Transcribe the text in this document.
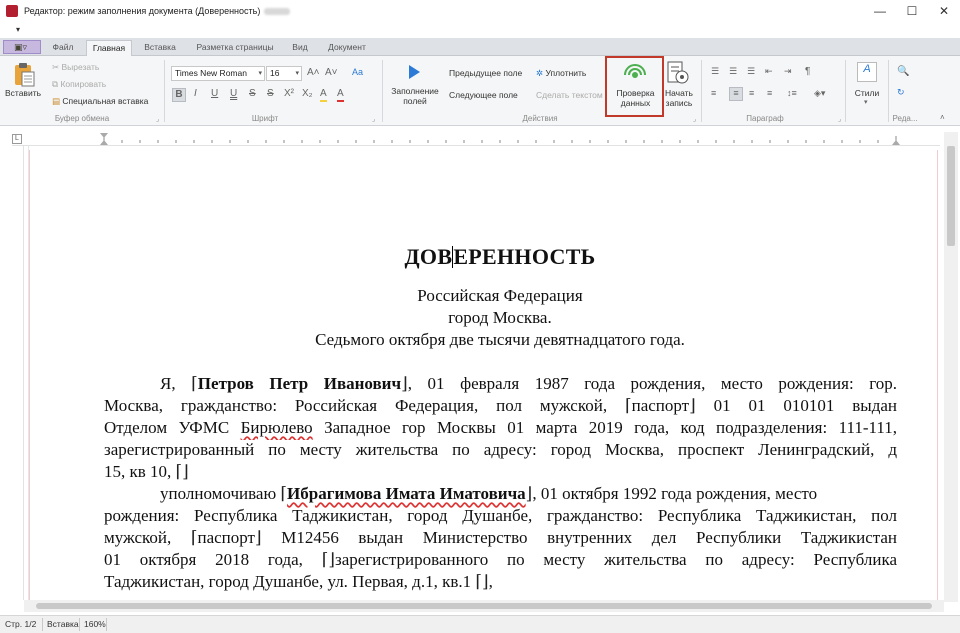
Редактор: режим заполнения документа (Доверенность)	—	☐	✕
▾
▣▿	Файл	Главная	Вставка	Разметка страницы	Вид	Документ
Вставить
✂ Вырезать
⧉ Копировать
▤ Специальная вставка
Буфер обмена	⌟
Times New Roman ▾ 16 ▾ A˄ A˅ Aa
B	I U U S S X² X₂ A A
Шрифт	⌟
Заполнение полей
Предыдущее поле
Следующее поле
✲ Уплотнить
Сделать текстом	Проверка данных
Начать запись
Действия	⌟
☰ ☰ ☰ ⇤ ⇥ ¶
≡	≡	≡ ≡ ↕≡ ◈▾
Параграф	⌟
A
Стили
▾
🔍
↻
Реда...	˄
L
ДОВЕРЕННОСТЬ
Российская Федерация
город Москва.
Седьмого октября две тысячи девятнадцатого года.
Я, ⌈Петров Петр Иванович⌋, 01 февраля 1987 года рождения, место рождения: гор.
Москва, гражданство: Российская Федерация, пол мужской, ⌈паспорт⌋ 01 01 010101 выдан
Отделом УФМС Бирюлево Западное гор Москвы 01 марта 2019 года, код подразделения: 111-111,
зарегистрированный по месту жительства по адресу: город Москва, проспект Ленинградский, д
15, кв 10, ⌈⌋
уполномочиваю ⌈Ибрагимова Имата Иматовича⌋, 01 октября 1992 года рождения, место
рождения: Республика Таджикистан, город Душанбе, гражданство: Республика Таджикистан, пол
мужской, ⌈паспорт⌋ M12456 выдан Министерство внутренних дел Республики Таджикистан
01 октября 2018 года, ⌈⌋зарегистрированного по месту жительства по адресу: Республика
Таджикистан, город Душанбе, ул. Первая, д.1, кв.1 ⌈⌋,
Стр. 1/2 Вставка 160%
